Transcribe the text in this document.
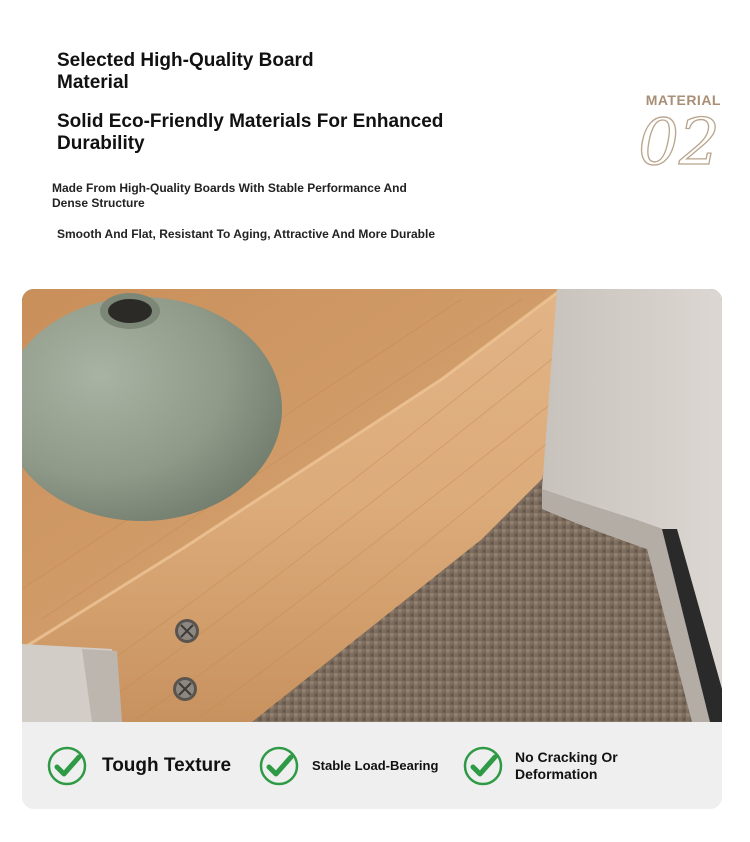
Selected High-Quality Board Material
Solid Eco-Friendly Materials For Enhanced Durability
Made From High-Quality Boards With Stable Performance And Dense Structure
Smooth And Flat, Resistant To Aging, Attractive And More Durable
MATERIAL
02
Tough Texture	Stable Load-Bearing
No Cracking Or Deformation
